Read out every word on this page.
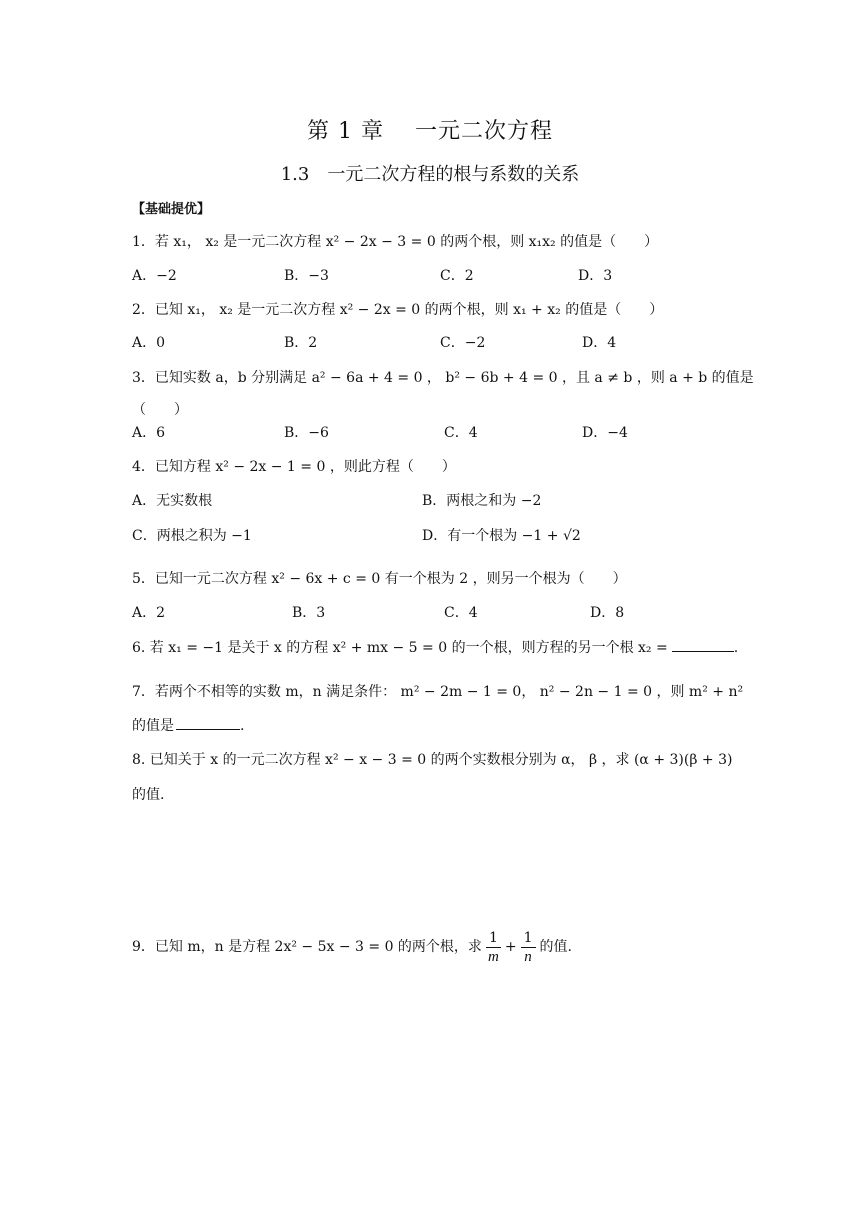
第 1 章　 一元二次方程
1.3　一元二次方程的根与系数的关系
【基础提优】
1．若 x₁， x₂ 是一元二次方程 x² − 2x − 3 = 0 的两个根，则 x₁x₂ 的值是（　　）
A．−2	B．−3	C．2	D．3
2．已知 x₁， x₂ 是一元二次方程 x² − 2x = 0 的两个根，则 x₁ + x₂ 的值是（　　）
A．0	B．2	C．−2	D．4
3．已知实数 a，b 分别满足 a² − 6a + 4 = 0 ， b² − 6b + 4 = 0 ，且 a ≠ b ，则 a + b 的值是
（　　）
A．6	B．−6	C．4	D．−4
4．已知方程 x² − 2x − 1 = 0 ，则此方程（　　）
A．无实数根	B．两根之和为 −2
C．两根之积为 −1	D．有一个根为 −1 + √2
5．已知一元二次方程 x² − 6x + c = 0 有一个根为 2 ，则另一个根为（　　）
A．2	B．3	C．4	D．8
6. 若 x₁ = −1 是关于 x 的方程 x² + mx − 5 = 0 的一个根，则方程的另一个根 x₂ =	.
7．若两个不相等的实数 m，n 满足条件： m² − 2m − 1 = 0， n² − 2n − 1 = 0 ，则 m² + n²
的值是	.
8. 已知关于 x 的一元二次方程 x² − x − 3 = 0 的两个实数根分别为 α， β ，求 (α + 3)(β + 3)
的值.
9．已知 m，n 是方程 2x² − 5x − 3 = 0 的两个根，求 $\frac{1}{m} + \frac{1}{n}$ 的值.
